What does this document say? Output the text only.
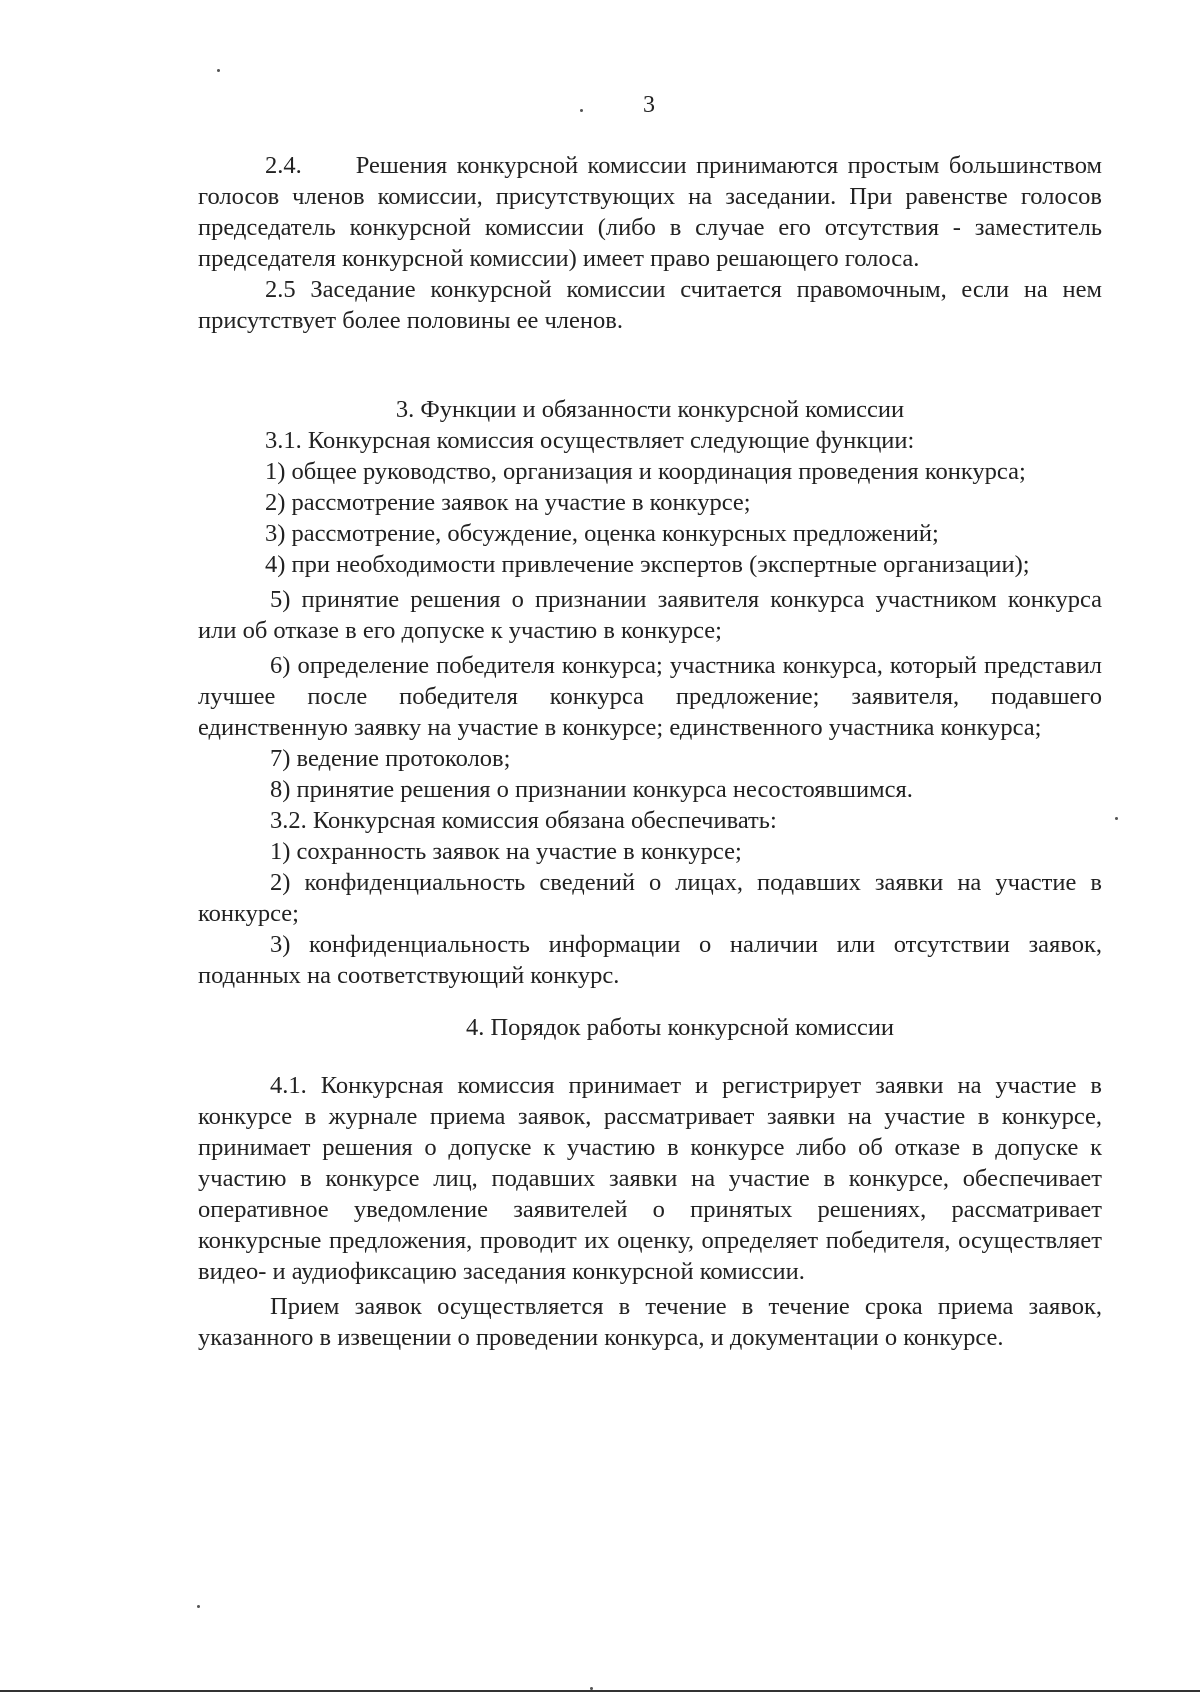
3

2.4. Решения конкурсной комиссии принимаются простым большинством голосов членов комиссии, присутствующих на заседании. При равенстве голосов председатель конкурсной комиссии (либо в случае его отсутствия - заместитель председателя конкурсной комиссии) имеет право решающего голоса.

2.5 Заседание конкурсной комиссии считается правомочным, если на нем присутствует более половины ее членов.

3. Функции и обязанности конкурсной комиссии

3.1. Конкурсная комиссия осуществляет следующие функции:

1) общее руководство, организация и координация проведения конкурса;

2) рассмотрение заявок на участие в конкурсе;

3) рассмотрение, обсуждение, оценка конкурсных предложений;

4) при необходимости привлечение экспертов (экспертные организации);

5) принятие решения о признании заявителя конкурса участником конкурса или об отказе в его допуске к участию в конкурсе;

6) определение победителя конкурса; участника конкурса, который представил лучшее после победителя конкурса предложение; заявителя, подавшего единственную заявку на участие в конкурсе; единственного участника конкурса;

7) ведение протоколов;

8) принятие решения о признании конкурса несостоявшимся.

3.2. Конкурсная комиссия обязана обеспечивать:

1) сохранность заявок на участие в конкурсе;

2) конфиденциальность сведений о лицах, подавших заявки на участие в конкурсе;

3) конфиденциальность информации о наличии или отсутствии заявок, поданных на соответствующий конкурс.

4. Порядок работы конкурсной комиссии

4.1. Конкурсная комиссия принимает и регистрирует заявки на участие в конкурсе в журнале приема заявок, рассматривает заявки на участие в конкурсе, принимает решения о допуске к участию в конкурсе либо об отказе в допуске к участию в конкурсе лиц, подавших заявки на участие в конкурсе, обеспечивает оперативное уведомление заявителей о принятых решениях, рассматривает конкурсные предложения, проводит их оценку, определяет победителя, осуществляет видео- и аудиофиксацию заседания конкурсной комиссии.

Прием заявок осуществляется в течение в течение срока приема заявок, указанного в извещении о проведении конкурса, и документации о конкурсе.
